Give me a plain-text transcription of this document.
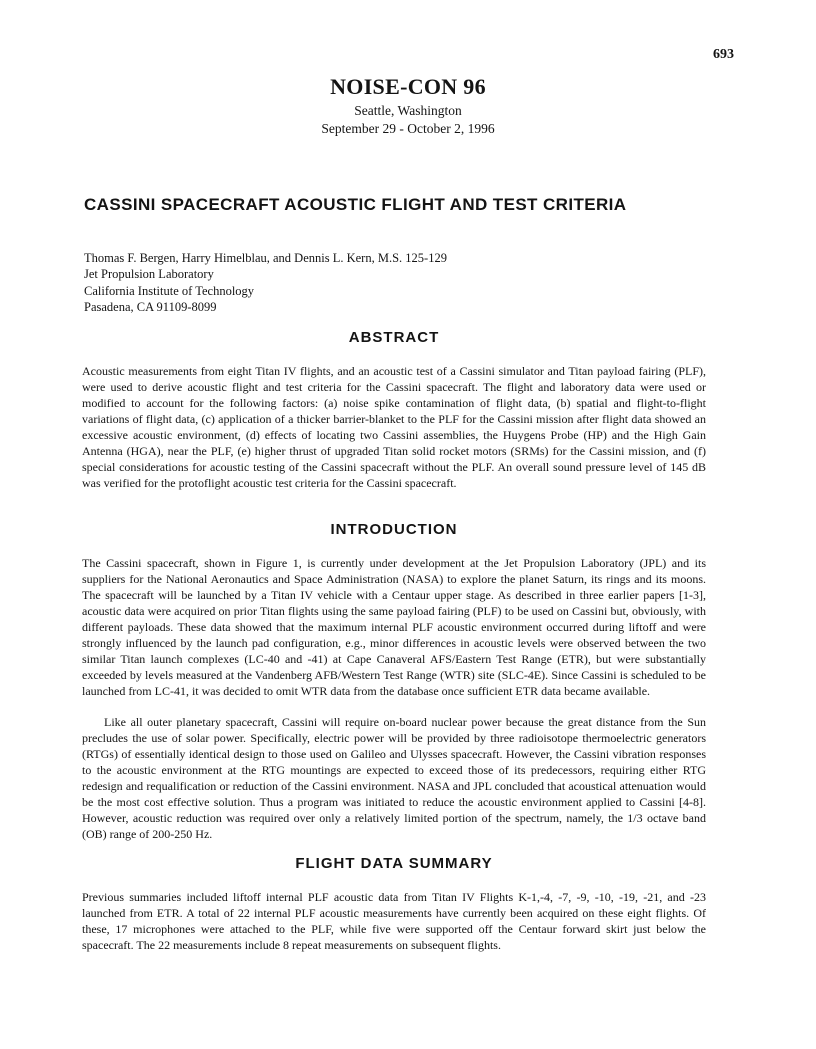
693
NOISE-CON 96
Seattle, Washington
September 29 - October 2, 1996
CASSINI SPACECRAFT ACOUSTIC FLIGHT AND TEST CRITERIA
Thomas F. Bergen, Harry Himelblau, and Dennis L. Kern, M.S. 125-129
Jet Propulsion Laboratory
California Institute of Technology
Pasadena, CA 91109-8099
ABSTRACT
Acoustic measurements from eight Titan IV flights, and an acoustic test of a Cassini simulator and Titan payload fairing (PLF), were used to derive acoustic flight and test criteria for the Cassini spacecraft. The flight and laboratory data were used or modified to account for the following factors: (a) noise spike contamination of flight data, (b) spatial and flight-to-flight variations of flight data, (c) application of a thicker barrier-blanket to the PLF for the Cassini mission after flight data showed an excessive acoustic environment, (d) effects of locating two Cassini assemblies, the Huygens Probe (HP) and the High Gain Antenna (HGA), near the PLF, (e) higher thrust of upgraded Titan solid rocket motors (SRMs) for the Cassini mission, and (f) special considerations for acoustic testing of the Cassini spacecraft without the PLF. An overall sound pressure level of 145 dB was verified for the protoflight acoustic test criteria for the Cassini spacecraft.
INTRODUCTION
The Cassini spacecraft, shown in Figure 1, is currently under development at the Jet Propulsion Laboratory (JPL) and its suppliers for the National Aeronautics and Space Administration (NASA) to explore the planet Saturn, its rings and its moons. The spacecraft will be launched by a Titan IV vehicle with a Centaur upper stage. As described in three earlier papers [1-3], acoustic data were acquired on prior Titan flights using the same payload fairing (PLF) to be used on Cassini but, obviously, with different payloads. These data showed that the maximum internal PLF acoustic environment occurred during liftoff and were strongly influenced by the launch pad configuration, e.g., minor differences in acoustic levels were observed between the two similar Titan launch complexes (LC-40 and -41) at Cape Canaveral AFS/Eastern Test Range (ETR), but were substantially exceeded by levels measured at the Vandenberg AFB/Western Test Range (WTR) site (SLC-4E). Since Cassini is scheduled to be launched from LC-41, it was decided to omit WTR data from the database once sufficient ETR data became available.
Like all outer planetary spacecraft, Cassini will require on-board nuclear power because the great distance from the Sun precludes the use of solar power. Specifically, electric power will be provided by three radioisotope thermoelectric generators (RTGs) of essentially identical design to those used on Galileo and Ulysses spacecraft. However, the Cassini vibration responses to the acoustic environment at the RTG mountings are expected to exceed those of its predecessors, requiring either RTG redesign and requalification or reduction of the Cassini environment. NASA and JPL concluded that acoustical attenuation would be the most cost effective solution. Thus a program was initiated to reduce the acoustic environment applied to Cassini [4-8]. However, acoustic reduction was required over only a relatively limited portion of the spectrum, namely, the 1/3 octave band (OB) range of 200-250 Hz.
FLIGHT DATA SUMMARY
Previous summaries included liftoff internal PLF acoustic data from Titan IV Flights K-1,-4, -7, -9, -10, -19, -21, and -23 launched from ETR. A total of 22 internal PLF acoustic measurements have currently been acquired on these eight flights. Of these, 17 microphones were attached to the PLF, while five were supported off the Centaur forward skirt just below the spacecraft. The 22 measurements include 8 repeat measurements on subsequent flights.
